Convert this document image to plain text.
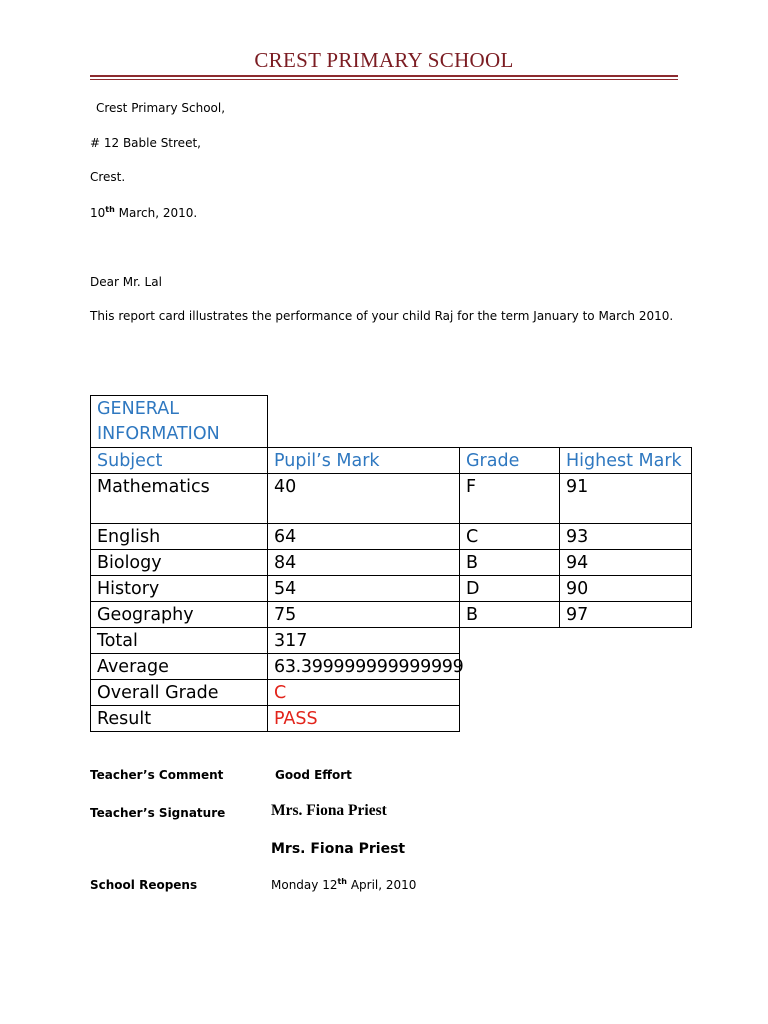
CREST PRIMARY SCHOOL
Crest Primary School,
# 12 Bable Street,
Crest.
10th March, 2010.
Dear Mr. Lal
This report card illustrates the performance of your child Raj for the term January to March 2010.
GENERAL INFORMATION
Subject	Pupil’s Mark	Grade	Highest Mark
Mathematics	40	F	91
English	64	C	93
Biology	84	B	94
History	54	D	90
Geography	75	B	97
Total	317
Average	63.399999999999999
Overall Grade	C
Result	PASS
Teacher’s Comment	Good Effort
Teacher’s Signature	Mrs. Fiona Priest
Mrs. Fiona Priest
School Reopens	Monday 12th April, 2010
